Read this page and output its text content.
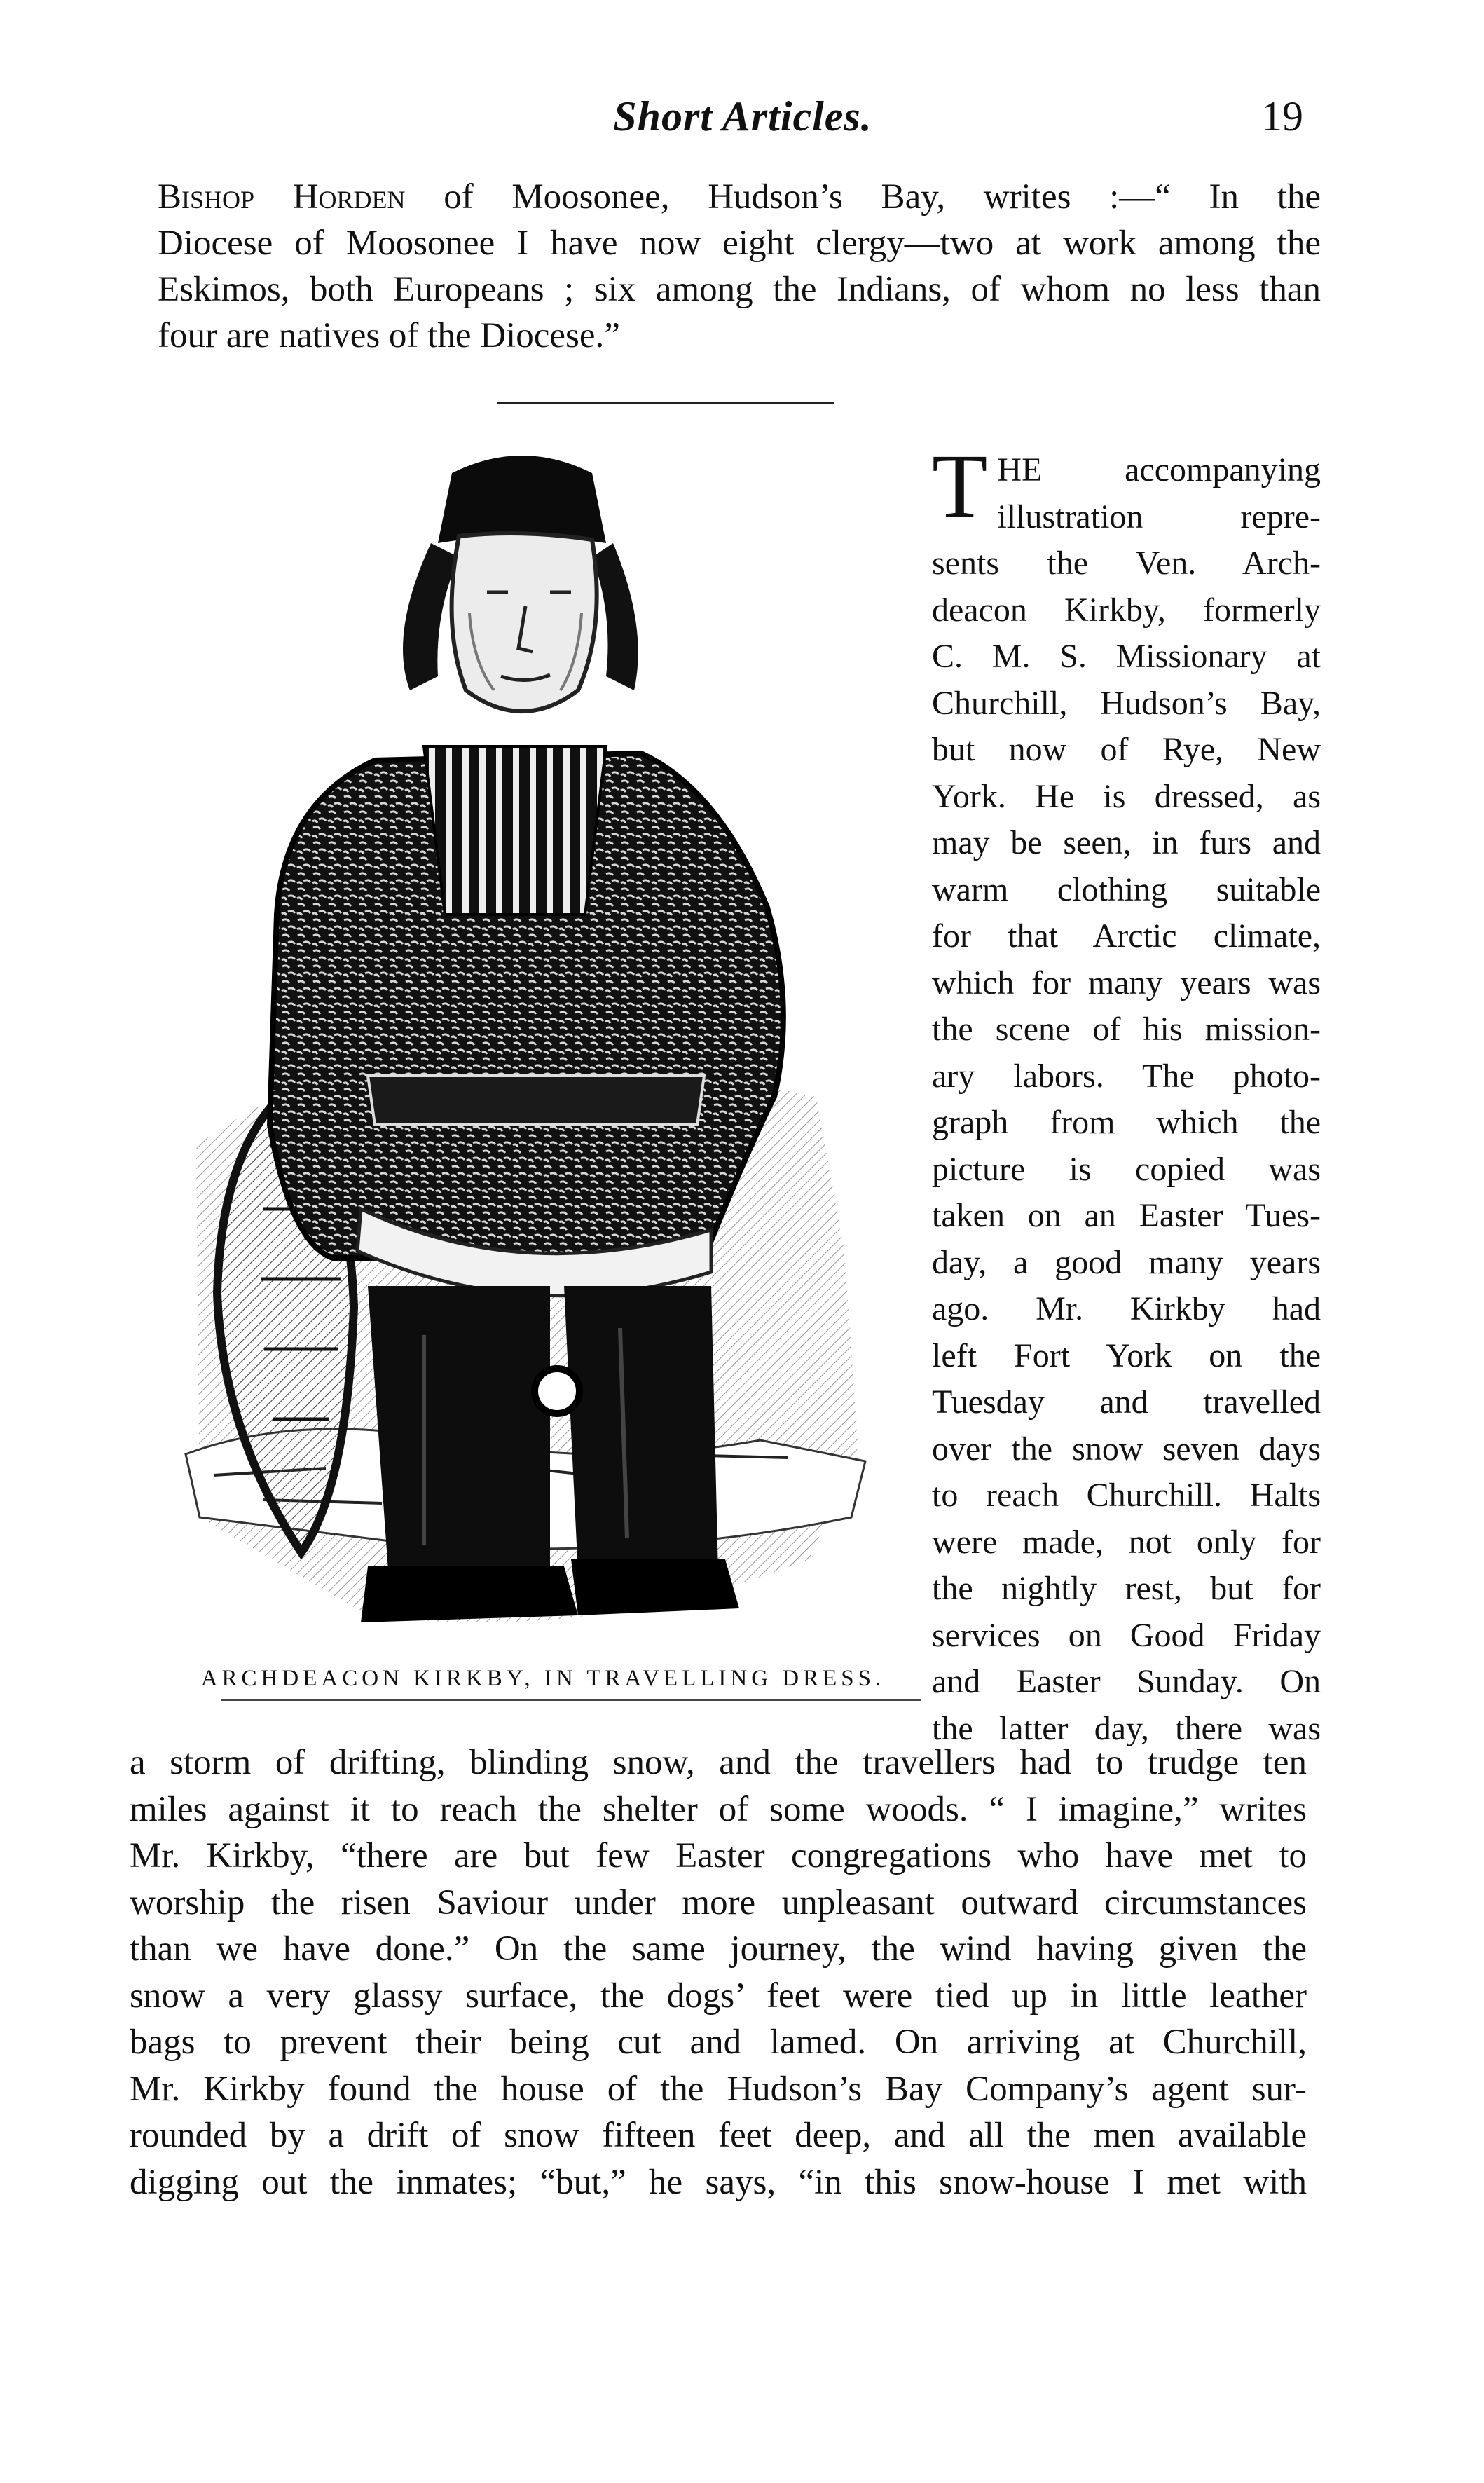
Short Articles.	19
Bishop Horden of Moosonee, Hudson’s Bay, writes :—“ In the
Diocese of Moosonee I have now eight clergy—two at work among the
Eskimos, both Europeans ; six among the Indians, of whom no less than
four are natives of the Diocese.”
ARCHDEACON KIRKBY, IN TRAVELLING DRESS.
T HE accompanying
illustration repre-
sents the Ven. Arch-
deacon Kirkby, formerly
C. M. S. Missionary at
Churchill, Hudson’s Bay,
but now of Rye, New
York. He is dressed, as
may be seen, in furs and
warm clothing suitable
for that Arctic climate,
which for many years was
the scene of his mission-
ary labors. The photo-
graph from which the
picture is copied was
taken on an Easter Tues-
day, a good many years
ago. Mr. Kirkby had
left Fort York on the
Tuesday and travelled
over the snow seven days
to reach Churchill. Halts
were made, not only for
the nightly rest, but for
services on Good Friday
and Easter Sunday. On
the latter day, there was
a storm of drifting, blinding snow, and the travellers had to trudge ten
miles against it to reach the shelter of some woods. “ I imagine,” writes
Mr. Kirkby, “there are but few Easter congregations who have met to
worship the risen Saviour under more unpleasant outward circumstances
than we have done.” On the same journey, the wind having given the
snow a very glassy surface, the dogs’ feet were tied up in little leather
bags to prevent their being cut and lamed. On arriving at Churchill,
Mr. Kirkby found the house of the Hudson’s Bay Company’s agent sur-
rounded by a drift of snow fifteen feet deep, and all the men available
digging out the inmates; “but,” he says, “in this snow-house I met with
